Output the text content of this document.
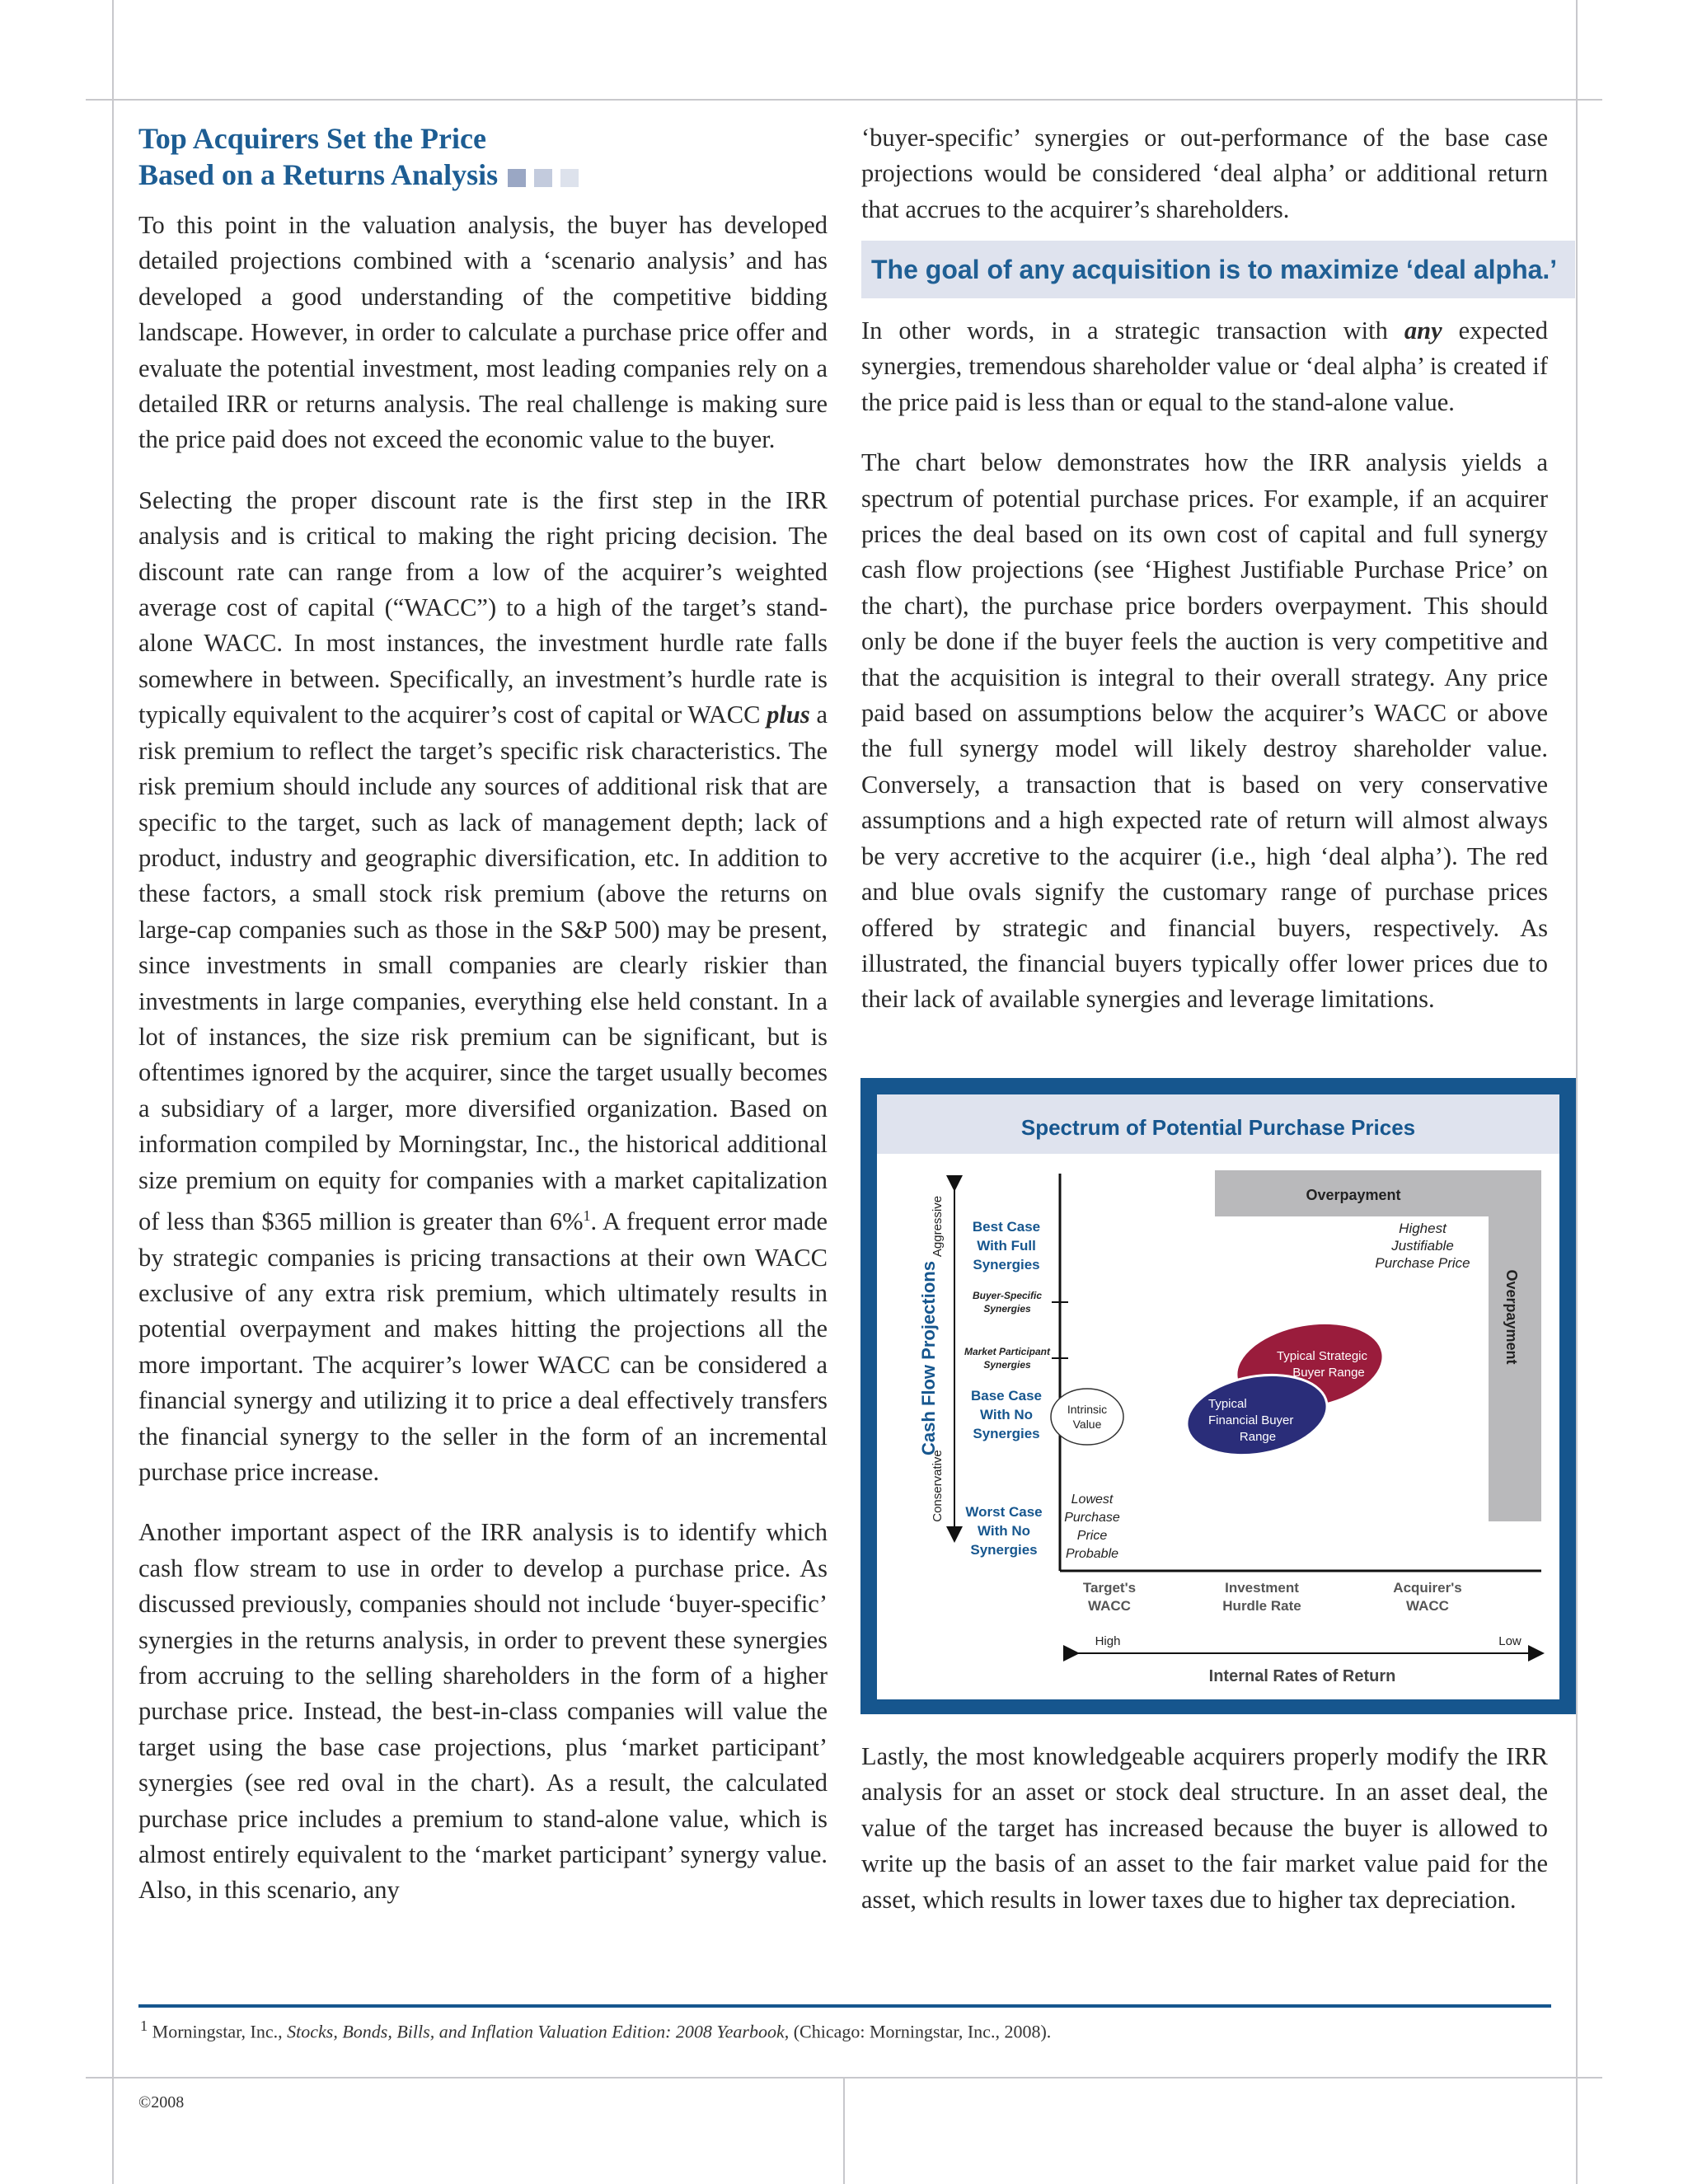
Top Acquirers Set the Price
Based on a Returns Analysis

To this point in the valuation analysis, the buyer has developed detailed projections combined with a ‘scenario analysis’ and has developed a good understanding of the competitive bidding landscape. However, in order to calculate a purchase price offer and evaluate the potential investment, most leading companies rely on a detailed IRR or returns analysis. The real challenge is making sure the price paid does not exceed the economic value to the buyer.

Selecting the proper discount rate is the first step in the IRR analysis and is critical to making the right pricing decision. The discount rate can range from a low of the acquirer’s weighted average cost of capital (“WACC”) to a high of the target’s stand-alone WACC. In most instances, the investment hurdle rate falls somewhere in between. Specifically, an investment’s hurdle rate is typically equivalent to the acquirer’s cost of capital or WACC plus a risk premium to reflect the target’s specific risk characteristics. The risk premium should include any sources of additional risk that are specific to the target, such as lack of management depth; lack of product, industry and geographic diversification, etc. In addition to these factors, a small stock risk premium (above the returns on large-cap companies such as those in the S&P 500) may be present, since investments in small companies are clearly riskier than investments in large companies, everything else held constant. In a lot of instances, the size risk premium can be significant, but is oftentimes ignored by the acquirer, since the target usually becomes a subsidiary of a larger, more diversified organization. Based on information compiled by Morningstar, Inc., the historical additional size premium on equity for companies with a market capitalization of less than $365 million is greater than 6%$^1$. A frequent error made by strategic companies is pricing transactions at their own WACC exclusive of any extra risk premium, which ultimately results in potential overpayment and makes hitting the projections all the more important. The acquirer’s lower WACC can be considered a financial synergy and utilizing it to price a deal effectively transfers the financial synergy to the seller in the form of an incremental purchase price increase.

Another important aspect of the IRR analysis is to identify which cash flow stream to use in order to develop a purchase price. As discussed previously, companies should not include ‘buyer-specific’ synergies in the returns analysis, in order to prevent these synergies from accruing to the selling shareholders in the form of a higher purchase price. Instead, the best-in-class companies will value the target using the base case projections, plus ‘market participant’ synergies (see red oval in the chart). As a result, the calculated purchase price includes a premium to stand-alone value, which is almost entirely equivalent to the ‘market participant’ synergy value. Also, in this scenario, any

‘buyer-specific’ synergies or out-performance of the base case projections would be considered ‘deal alpha’ or additional return that accrues to the acquirer’s shareholders.

The goal of any acquisition is to maximize ‘deal alpha.’

In other words, in a strategic transaction with any expected synergies, tremendous shareholder value or ‘deal alpha’ is created if the price paid is less than or equal to the stand-alone value.

The chart below demonstrates how the IRR analysis yields a spectrum of potential purchase prices. For example, if an acquirer prices the deal based on its own cost of capital and full synergy cash flow projections (see ‘Highest Justifiable Purchase Price’ on the chart), the purchase price borders overpayment. This should only be done if the buyer feels the auction is very competitive and that the acquisition is integral to their overall strategy. Any price paid based on assumptions below the acquirer’s WACC or above the full synergy model will likely destroy shareholder value. Conversely, a transaction that is based on very conservative assumptions and a high expected rate of return will almost always be very accretive to the acquirer (i.e., high ‘deal alpha’). The red and blue ovals signify the customary range of purchase prices offered by strategic and financial buyers, respectively. As illustrated, the financial buyers typically offer lower prices due to their lack of available synergies and leverage limitations.

Spectrum of Potential Purchase Prices
Overpayment
Overpayment
Highest
Justifiable
Purchase Price
Cash Flow Projections
Aggressive
Conservative
Best Case
With Full
Synergies
Base Case
With No
Synergies
Worst Case
With No
Synergies
Buyer-Specific
Synergies
Market Participant
Synergies
Intrinsic
Value
Lowest
Purchase
Price
Probable
Typical Strategic
Buyer Range
Typical
Financial Buyer
Range
Target's
WACC
Investment
Hurdle Rate
Acquirer's
WACC
High	Low
Internal Rates of Return

Lastly, the most knowledgeable acquirers properly modify the IRR analysis for an asset or stock deal structure. In an asset deal, the value of the target has increased because the buyer is allowed to write up the basis of an asset to the fair market value paid for the asset, which results in lower taxes due to higher tax depreciation.

$^1$ Morningstar, Inc., Stocks, Bonds, Bills, and Inflation Valuation Edition: 2008 Yearbook, (Chicago: Morningstar, Inc., 2008).
©2008
